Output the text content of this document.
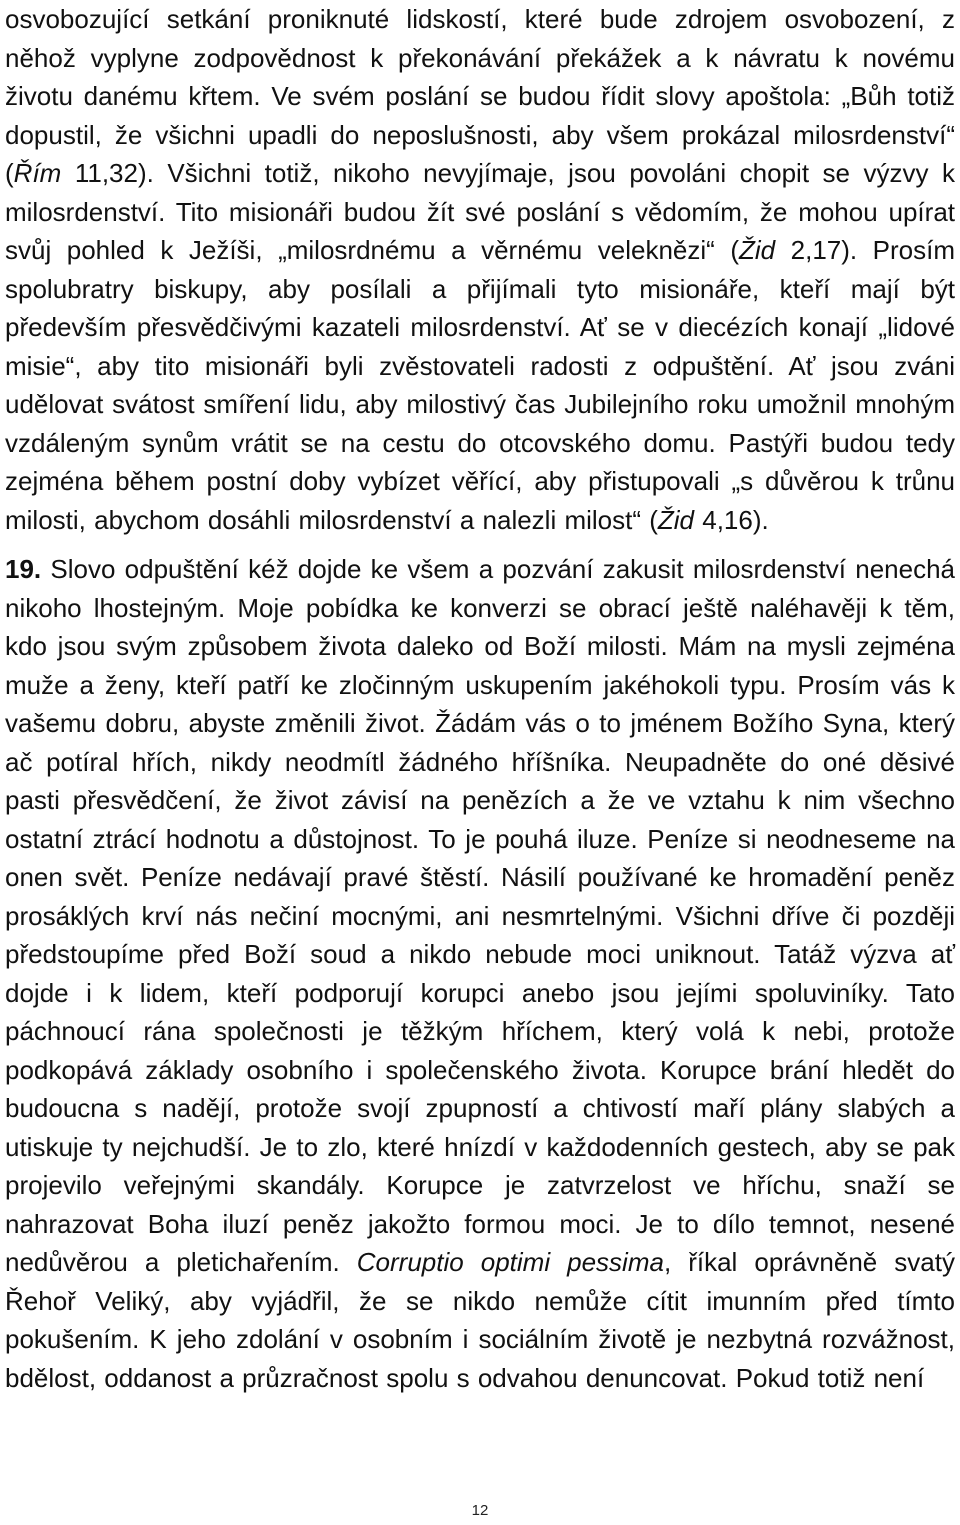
osvobozující setkání proniknuté lidskostí, které bude zdrojem osvobození, z něhož vyplyne zodpovědnost k překonávání překážek a k návratu k novému životu danému křtem. Ve svém poslání se budou řídit slovy apoštola: „Bůh totiž dopustil, že všichni upadli do neposlušnosti, aby všem prokázal milosrdenství“ (Řím 11,32). Všichni totiž, nikoho nevyjímaje, jsou povoláni chopit se výzvy k milosrdenství. Tito misionáři budou žít své poslání s vědomím, že mohou upírat svůj pohled k Ježíši, „milosrdnému a věrnému veleknězi“ (Žid 2,17). Prosím spolubratry biskupy, aby posílali a přijímali tyto misionáře, kteří mají být především přesvědčivými kazateli milosrdenství. Ať se v diecézích konají „lidové misie“, aby tito misionáři byli zvěstovateli radosti z odpuštění. Ať jsou zváni udělovat svátost smíření lidu, aby milostivý čas Jubilejního roku umožnil mnohým vzdáleným synům vrátit se na cestu do otcovského domu. Pastýři budou tedy zejména během postní doby vybízet věřící, aby přistupovali „s důvěrou k trůnu milosti, abychom dosáhli milosrdenství a nalezli milost“ (Žid 4,16).

19. Slovo odpuštění kéž dojde ke všem a pozvání zakusit milosrdenství nenechá nikoho lhostejným. Moje pobídka ke konverzi se obrací ještě naléhavěji k těm, kdo jsou svým způsobem života daleko od Boží milosti. Mám na mysli zejména muže a ženy, kteří patří ke zločinným uskupením jakéhokoli typu. Prosím vás k vašemu dobru, abyste změnili život. Žádám vás o to jménem Božího Syna, který ač potíral hřích, nikdy neodmítl žádného hříšníka. Neupadněte do oné děsivé pasti přesvědčení, že život závisí na penězích a že ve vztahu k nim všechno ostatní ztrácí hodnotu a důstojnost. To je pouhá iluze. Peníze si neodneseme na onen svět. Peníze nedávají pravé štěstí. Násilí používané ke hromadění peněz prosáklých krví nás nečiní mocnými, ani nesmrtelnými. Všichni dříve či později předstoupíme před Boží soud a nikdo nebude moci uniknout. Tatáž výzva ať dojde i k lidem, kteří podporují korupci anebo jsou jejími spoluviníky. Tato páchnoucí rána společnosti je těžkým hříchem, který volá k nebi, protože podkopává základy osobního i společenského života. Korupce brání hledět do budoucna s nadějí, protože svojí zpupností a chtivostí maří plány slabých a utiskuje ty nejchudší. Je to zlo, které hnízdí v každodenních gestech, aby se pak projevilo veřejnými skandály. Korupce je zatvrzelost ve hříchu, snaží se nahrazovat Boha iluzí peněz jakožto formou moci. Je to dílo temnot, nesené nedůvěrou a pletichařením. Corruptio optimi pessima, říkal oprávněně svatý Řehoř Veliký, aby vyjádřil, že se nikdo nemůže cítit imunním před tímto pokušením. K jeho zdolání v osobním i sociálním životě je nezbytná rozvážnost, bdělost, oddanost a průzračnost spolu s odvahou denuncovat. Pokud totiž není

12
